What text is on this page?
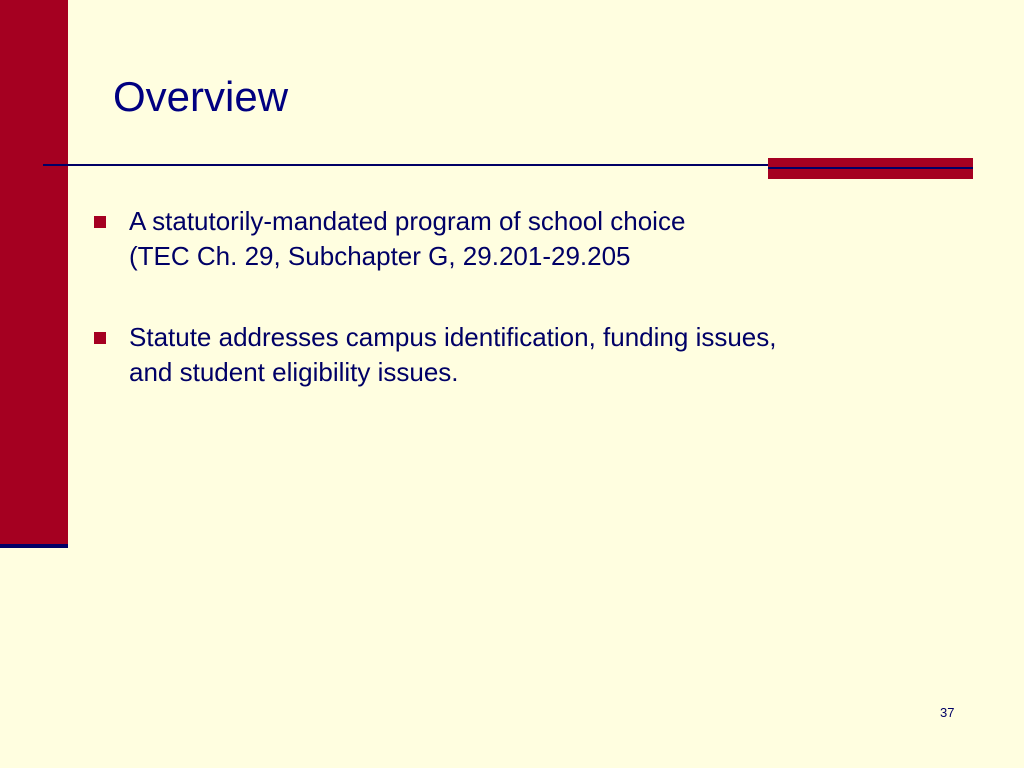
Overview
A statutorily-mandated program of school choice
(TEC Ch. 29, Subchapter G, 29.201-29.205
Statute addresses campus identification, funding issues,
and student eligibility issues.
37
